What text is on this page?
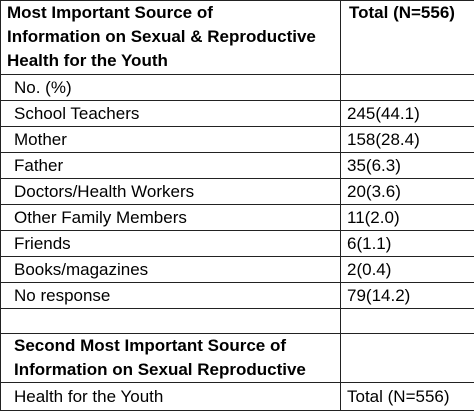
Most Important Source of
Information on Sexual & Reproductive
Health for the Youth	Total (N=556)

No. (%)	

School Teachers	245(44.1)

Mother	158(28.4)

Father	35(6.3)

Doctors/Health Workers	20(3.6)

Other Family Members	11(2.0)

Friends	6(1.1)

Books/magazines	2(0.4)

No response	79(14.2)

Second Most Important Source of
Information on Sexual Reproductive	

Health for the Youth	Total (N=556)
